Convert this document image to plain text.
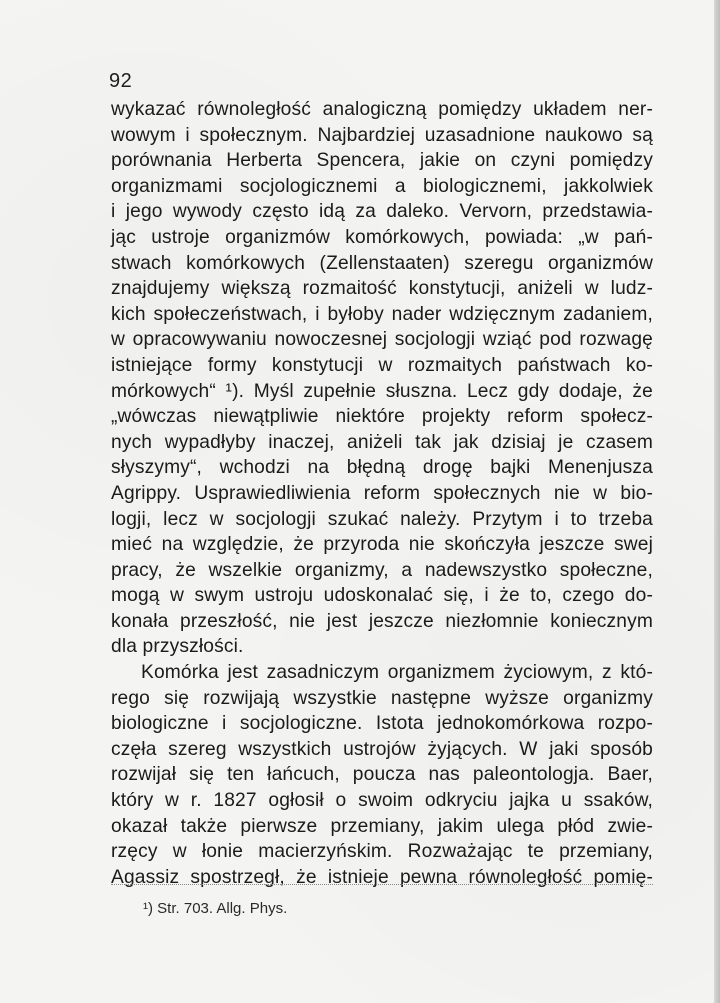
92
wykazać równoległość analogiczną pomiędzy układem ner-
wowym i społecznym. Najbardziej uzasadnione naukowo są
porównania Herberta Spencera, jakie on czyni pomiędzy
organizmami socjologicznemi a biologicznemi, jakkolwiek
i jego wywody często idą za daleko. Vervorn, przedstawia-
jąc ustroje organizmów komórkowych, powiada: „w pań-
stwach komórkowych (Zellenstaaten) szeregu organizmów
znajdujemy większą rozmaitość konstytucji, aniżeli w ludz-
kich społeczeństwach, i byłoby nader wdzięcznym zadaniem,
w opracowywaniu nowoczesnej socjologji wziąć pod rozwagę
istniejące formy konstytucji w rozmaitych państwach ko-
mórkowych“ ¹). Myśl zupełnie słuszna. Lecz gdy dodaje, że
„wówczas niewątpliwie niektóre projekty reform społecz-
nych wypadłyby inaczej, aniżeli tak jak dzisiaj je czasem
słyszymy“, wchodzi na błędną drogę bajki Menenjusza
Agrippy. Usprawiedliwienia reform społecznych nie w bio-
logji, lecz w socjologji szukać należy. Przytym i to trzeba
mieć na względzie, że przyroda nie skończyła jeszcze swej
pracy, że wszelkie organizmy, a nadewszystko społeczne,
mogą w swym ustroju udoskonalać się, i że to, czego do-
konała przeszłość, nie jest jeszcze niezłomnie koniecznym
dla przyszłości.
Komórka jest zasadniczym organizmem życiowym, z któ-
rego się rozwijają wszystkie następne wyższe organizmy
biologiczne i socjologiczne. Istota jednokomórkowa rozpo-
częła szereg wszystkich ustrojów żyjących. W jaki sposób
rozwijał się ten łańcuch, poucza nas paleontologja. Baer,
który w r. 1827 ogłosił o swoim odkryciu jajka u ssaków,
okazał także pierwsze przemiany, jakim ulega płód zwie-
rzęcy w łonie macierzyńskim. Rozważając te przemiany,
Agassiz spostrzegł, że istnieje pewna równoległość pomię-
¹) Str. 703. Allg. Phys.
